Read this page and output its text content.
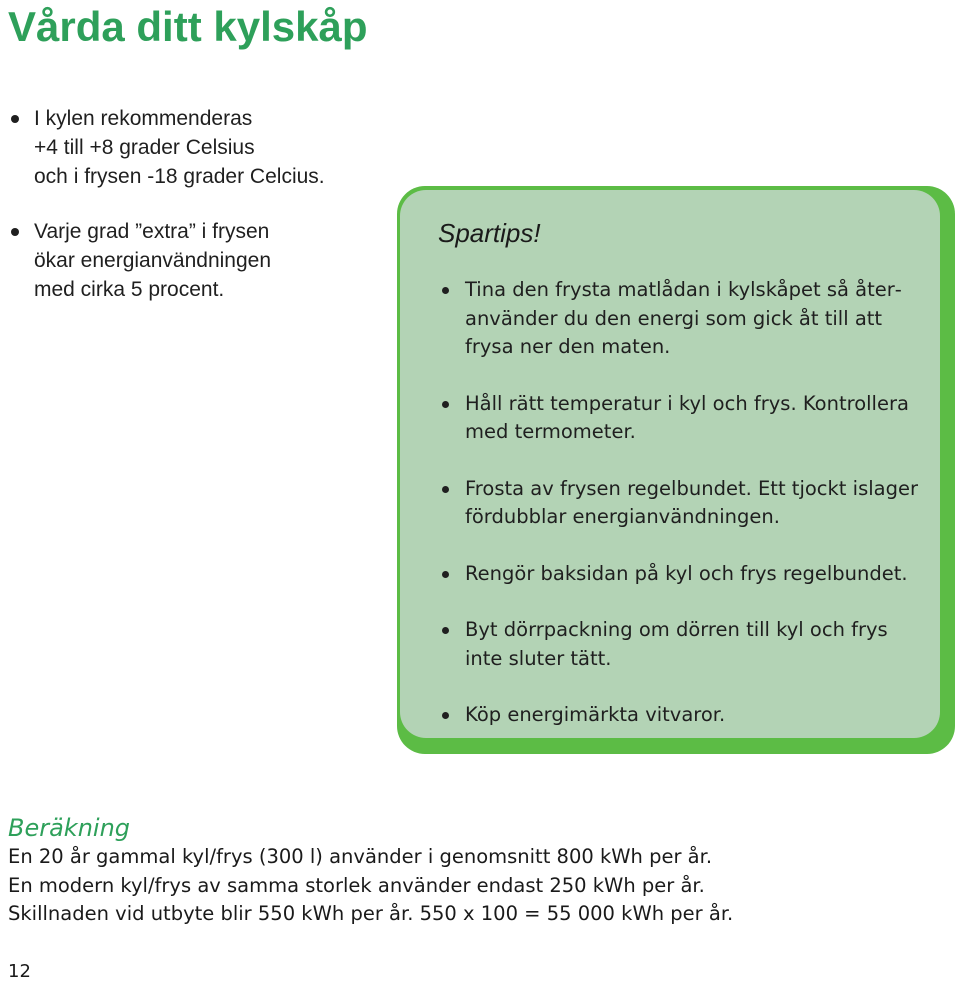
Vårda ditt kylskåp
I kylen rekommenderas
+4 till +8 grader Celsius
och i frysen -18 grader Celcius.
Varje grad ”extra” i frysen
ökar energianvändningen
med cirka 5 procent.
Spartips!
Tina den frysta matlådan i kylskåpet så återanvänder du den energi som gick åt till att frysa ner den maten.
Håll rätt temperatur i kyl och frys. Kontrollera med termometer.
Frosta av frysen regelbundet. Ett tjockt islager fördubblar energianvändningen.
Rengör baksidan på kyl och frys regelbundet.
Byt dörrpackning om dörren till kyl och frys inte sluter tätt.
Köp energimärkta vitvaror.
Beräkning
En 20 år gammal kyl/frys (300 l) använder i genomsnitt 800 kWh per år.
En modern kyl/frys av samma storlek använder endast 250 kWh per år.
Skillnaden vid utbyte blir 550 kWh per år. 550 x 100 = 55 000 kWh per år.
12
